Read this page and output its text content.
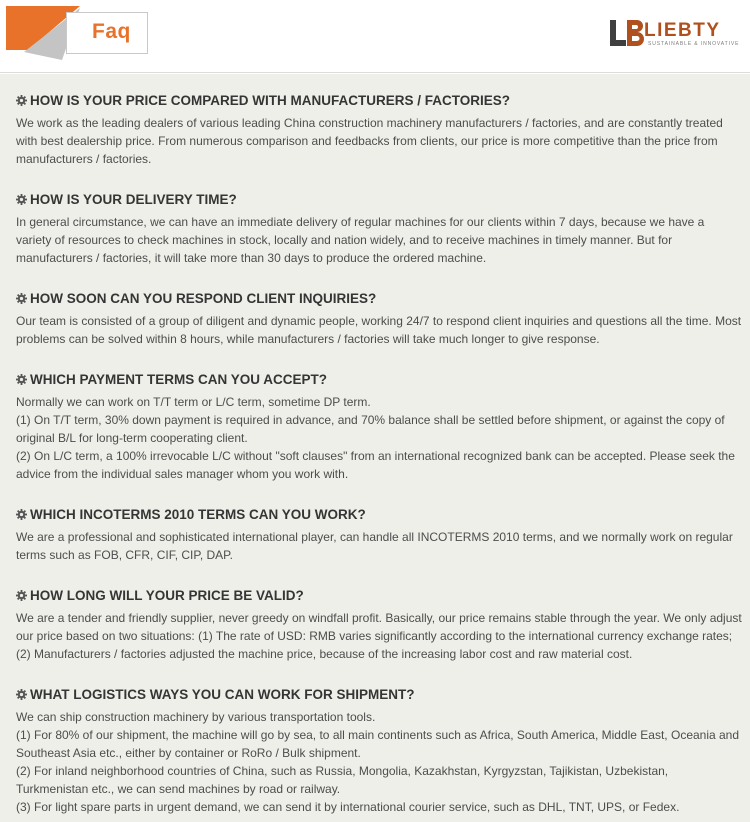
Faq	LIEBTY
SUSTAINABLE & INNOVATIVE
HOW IS YOUR PRICE COMPARED WITH MANUFACTURERS / FACTORIES?

We work as the leading dealers of various leading China construction machinery manufacturers / factories, and are constantly treated with best dealership price. From numerous comparison and feedbacks from clients, our price is more competitive than the price from manufacturers / factories.

HOW IS YOUR DELIVERY TIME?

In general circumstance, we can have an immediate delivery of regular machines for our clients within 7 days, because we have a variety of resources to check machines in stock, locally and nation widely, and to receive machines in timely manner. But for manufacturers / factories, it will take more than 30 days to produce the ordered machine.

HOW SOON CAN YOU RESPOND CLIENT INQUIRIES?

Our team is consisted of a group of diligent and dynamic people, working 24/7 to respond client inquiries and questions all the time. Most problems can be solved within 8 hours, while manufacturers / factories will take much longer to give response.

WHICH PAYMENT TERMS CAN YOU ACCEPT?

Normally we can work on T/T term or L/C term, sometime DP term.

(1) On T/T term, 30% down payment is required in advance, and 70% balance shall be settled before shipment, or against the copy of original B/L for long-term cooperating client.

(2) On L/C term, a 100% irrevocable L/C without "soft clauses" from an international recognized bank can be accepted. Please seek the advice from the individual sales manager whom you work with.

WHICH INCOTERMS 2010 TERMS CAN YOU WORK?

We are a professional and sophisticated international player, can handle all INCOTERMS 2010 terms, and we normally work on regular terms such as FOB, CFR, CIF, CIP, DAP.

HOW LONG WILL YOUR PRICE BE VALID?

We are a tender and friendly supplier, never greedy on windfall profit. Basically, our price remains stable through the year. We only adjust our price based on two situations: (1) The rate of USD: RMB varies significantly according to the international currency exchange rates;

(2) Manufacturers / factories adjusted the machine price, because of the increasing labor cost and raw material cost.

WHAT LOGISTICS WAYS YOU CAN WORK FOR SHIPMENT?

We can ship construction machinery by various transportation tools.

(1) For 80% of our shipment, the machine will go by sea, to all main continents such as Africa, South America, Middle East, Oceania and Southeast Asia etc., either by container or RoRo / Bulk shipment.

(2) For inland neighborhood countries of China, such as Russia, Mongolia, Kazakhstan, Kyrgyzstan, Tajikistan, Uzbekistan, Turkmenistan etc., we can send machines by road or railway.

(3) For light spare parts in urgent demand, we can send it by international courier service, such as DHL, TNT, UPS, or Fedex.
